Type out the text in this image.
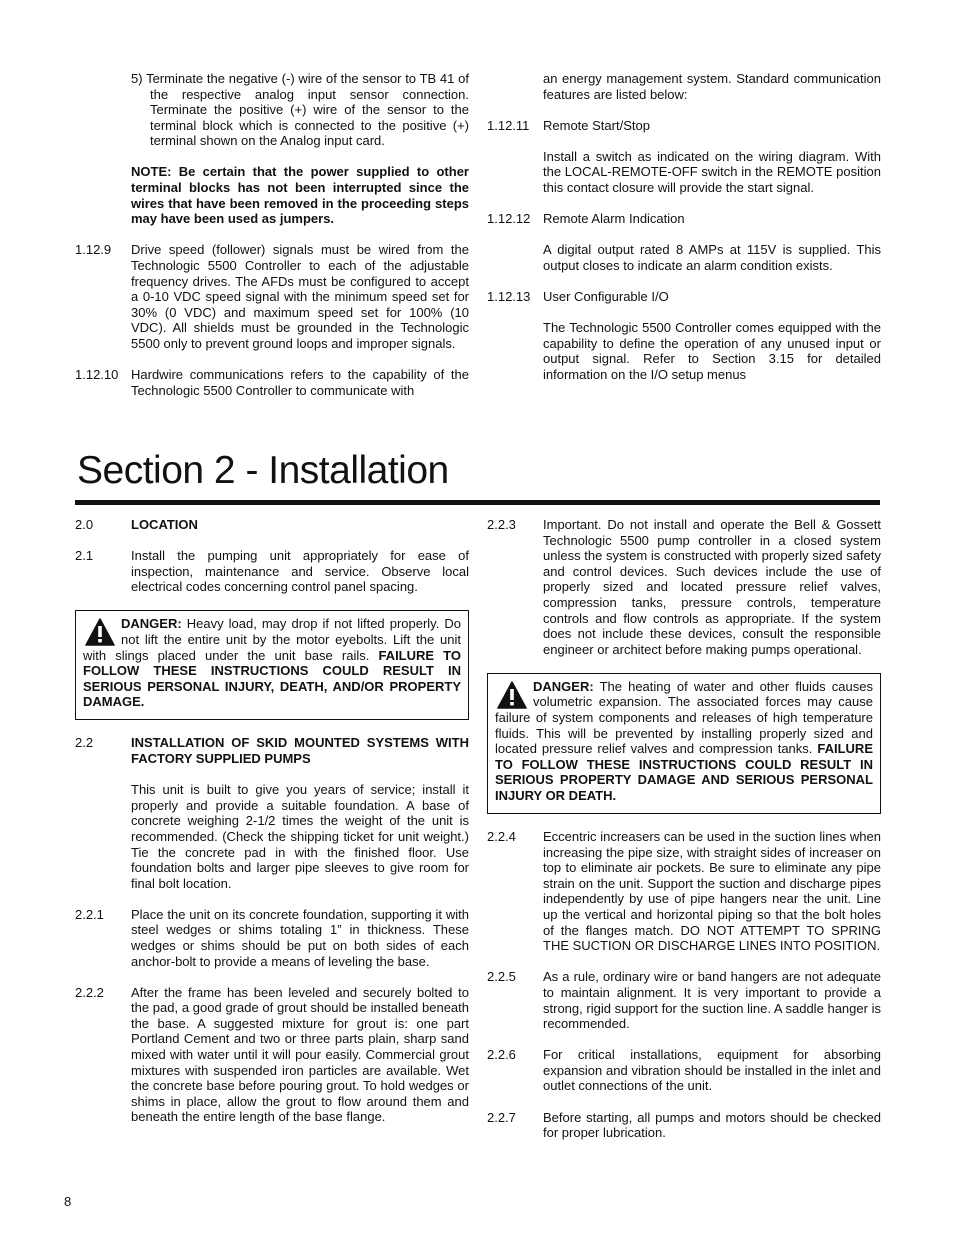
5) Terminate the negative (-) wire of the sensor to TB 41 of the respective analog input sensor connection. Terminate the positive (+) wire of the sensor to the terminal block which is connected to the positive (+) terminal shown on the Analog input card.

NOTE: Be certain that the power supplied to other terminal blocks has not been interrupted since the wires that have been removed in the proceeding steps may have been used as jumpers.

1.12.9	Drive speed (follower) signals must be wired from the Technologic 5500 Controller to each of the adjustable frequency drives. The AFDs must be configured to accept a 0-10 VDC speed signal with the minimum speed set for 30% (0 VDC) and maximum speed set for 100% (10 VDC). All shields must be grounded in the Technologic 5500 only to prevent ground loops and improper signals.
1.12.10 Hardwire communications refers to the capability of the Technologic 5500 Controller to communicate with

an energy management system. Standard communication features are listed below:

1.12.11	Remote Start/Stop

Install a switch as indicated on the wiring diagram. With the LOCAL-REMOTE-OFF switch in the REMOTE position this contact closure will provide the start signal.

1.12.12 Remote Alarm Indication

A digital output rated 8 AMPs at 115V is supplied. This output closes to indicate an alarm condition exists.

1.12.13 User Configurable I/O

The Technologic 5500 Controller comes equipped with the capability to define the operation of any unused input or output signal. Refer to Section 3.15 for detailed information on the I/O setup menus

Section 2 - Installation
2.0	LOCATION
2.1	Install the pumping unit appropriately for ease of inspection, maintenance and service. Observe local electrical codes concerning control panel spacing.
DANGER: Heavy load, may drop if not lifted properly. Do not lift the entire unit by the motor eyebolts. Lift the unit with slings placed under the unit base rails. FAILURE TO FOLLOW THESE INSTRUCTIONS COULD RESULT IN SERIOUS PERSONAL INJURY, DEATH, AND/OR PROPERTY DAMAGE.
2.2	INSTALLATION OF SKID MOUNTED SYSTEMS WITH FACTORY SUPPLIED PUMPS

This unit is built to give you years of service; install it properly and provide a suitable foundation. A base of concrete weighing 2-1/2 times the weight of the unit is recommended. (Check the shipping ticket for unit weight.) Tie the concrete pad in with the finished floor. Use foundation bolts and larger pipe sleeves to give room for final bolt location.

2.2.1	Place the unit on its concrete foundation, supporting it with steel wedges or shims totaling 1” in thickness. These wedges or shims should be put on both sides of each anchor-bolt to provide a means of leveling the base.
2.2.2	After the frame has been leveled and securely bolted to the pad, a good grade of grout should be installed beneath the base. A suggested mixture for grout is: one part Portland Cement and two or three parts plain, sharp sand mixed with water until it will pour easily. Commercial grout mixtures with suspended iron particles are available. Wet the concrete base before pouring grout. To hold wedges or shims in place, allow the grout to flow around them and beneath the entire length of the base flange.
2.2.3	Important. Do not install and operate the Bell & Gossett Technologic 5500 pump controller in a closed system unless the system is constructed with properly sized safety and control devices. Such devices include the use of properly sized and located pressure relief valves, compression tanks, pressure controls, temperature controls and flow controls as appropriate. If the system does not include these devices, consult the responsible engineer or architect before making pumps operational.
DANGER: The heating of water and other fluids causes volumetric expansion. The associated forces may cause failure of system components and releases of high temperature fluids. This will be prevented by installing properly sized and located pressure relief valves and compression tanks. FAILURE TO FOLLOW THESE INSTRUCTIONS COULD RESULT IN SERIOUS PROPERTY DAMAGE AND SERIOUS PERSONAL INJURY OR DEATH.
2.2.4	Eccentric increasers can be used in the suction lines when increasing the pipe size, with straight sides of increaser on top to eliminate air pockets. Be sure to eliminate any pipe strain on the unit. Support the suction and discharge pipes independently by use of pipe hangers near the unit. Line up the vertical and horizontal piping so that the bolt holes of the flanges match. DO NOT ATTEMPT TO SPRING THE SUCTION OR DISCHARGE LINES INTO POSITION.
2.2.5	As a rule, ordinary wire or band hangers are not adequate to maintain alignment. It is very important to provide a strong, rigid support for the suction line. A saddle hanger is recommended.
2.2.6	For critical installations, equipment for absorbing expansion and vibration should be installed in the inlet and outlet connections of the unit.
2.2.7	Before starting, all pumps and motors should be checked for proper lubrication.
8
